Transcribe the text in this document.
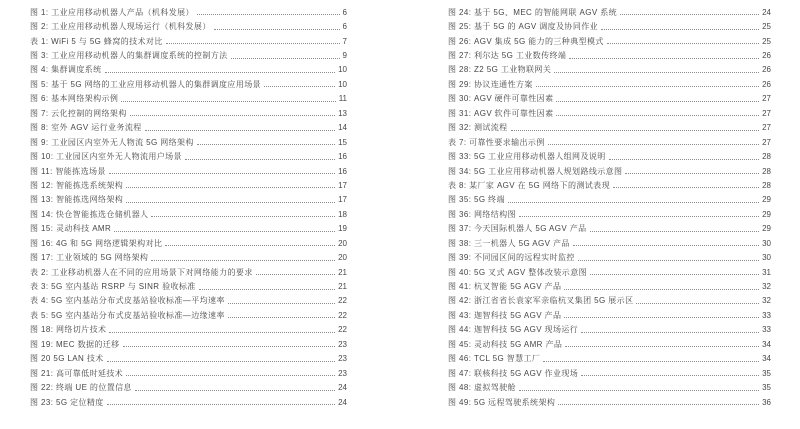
图 1: 工业应用移动机器人产品（机科发展）	6
图 2: 工业应用移动机器人现场运行（机科发展）	6
表 1: WiFi 5 与 5G 蜂窝的技术对比	7
图 3: 工业应用移动机器人的集群调度系统的控制方法	9
图 4: 集群调度系统	10
图 5: 基于 5G 网络的工业应用移动机器人的集群调度应用场景	10
图 6: 基本网络架构示例	11
图 7: 云化控制的网络架构	13
图 8: 室外 AGV 运行业务流程	14
图 9: 工业园区内室外无人物流 5G 网络架构	15
图 10: 工业园区内室外无人物流用户场景	16
图 11: 智能拣选场景	16
图 12: 智能拣选系统架构	17
图 13: 智能拣选网络架构	17
图 14: 快仓智能拣选仓储机器人	18
图 15: 灵动科技 AMR	19
图 16: 4G 和 5G 网络逻辑架构对比	20
图 17: 工业领域的 5G 网络架构	20
表 2: 工业移动机器人在不同的应用场景下对网络能力的要求	21
表 3: 5G 室内基站 RSRP 与 SINR 验收标准	21
表 4: 5G 室内基站分布式皮基站验收标准—平均速率	22
表 5: 5G 室内基站分布式皮基站验收标准—边缘速率	22
图 18: 网络切片技术	22
图 19: MEC 数据的迁移	23
图 20 5G LAN 技术	23
图 21: 高可靠低时延技术	23
图 22: 终端 UE 的位置信息	24
图 23: 5G 定位精度	24
图 24: 基于 5G、MEC 的智能网联 AGV 系统	24
图 25: 基于 5G 的 AGV 调度及协同作业	25
图 26: AGV 集成 5G 能力的三种典型模式	25
图 27: 利尔达 5G 工业数传终端	26
图 28: Z2 5G 工业物联网关	26
图 29: 协议连通性方案	26
图 30: AGV 硬件可靠性因素	27
图 31: AGV 软件可靠性因素	27
图 32: 测试流程	27
表 7: 可靠性要求输出示例	27
图 33: 5G 工业应用移动机器人组网及说明	28
图 34: 5G 工业应用移动机器人规划路线示意图	28
表 8: 某厂家 AGV 在 5G 网络下的测试表现	28
图 35: 5G 终端	29
图 36: 网络结构图	29
图 37: 今天国际机器人 5G AGV 产品	29
图 38: 三一机器人 5G AGV 产品	30
图 39: 不同园区间的远程实时监控	30
图 40: 5G 叉式 AGV 整体改装示意图	31
图 41: 杭叉智能 5G AGV 产品	32
图 42: 浙江省省长袁家军亲临杭叉集团 5G 展示区	32
图 43: 迦智科技 5G AGV 产品	33
图 44: 迦智科技 5G AGV 现场运行	33
图 45: 灵动科技 5G AMR 产品	34
图 46: TCL 5G 智慧工厂	34
图 47: 联核科技 5G AGV 作业现场	35
图 48: 虚拟驾驶舱	35
图 49: 5G 远程驾驶系统架构	36
